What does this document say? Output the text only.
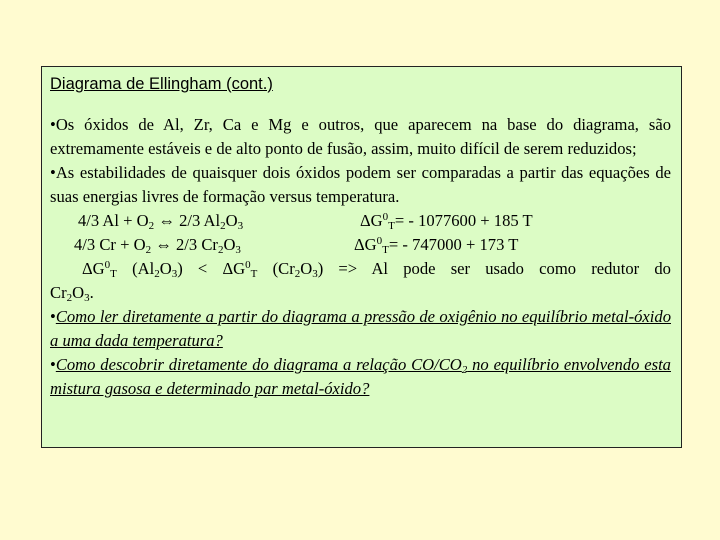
Diagrama de Ellingham (cont.)

•Os óxidos de Al, Zr, Ca e Mg e outros, que aparecem na base do diagrama, são extremamente estáveis e de alto ponto de fusão, assim, muito difícil de serem reduzidos;

•As estabilidades de quaisquer dois óxidos podem ser comparadas a partir das equações de suas energias livres de formação versus temperatura.

4/3 $Al + O_2$ ⇔ 2/3 $Al_2O_3$	$\Delta G^0_T= - 1077600 + 185$ T
4/3 $Cr + O_2$ ⇔ 2/3 $Cr_2O_3$	$\Delta G^0_T= - 747000 + 173$ T

$\Delta G^0_T$ $(Al_2O_3) < \Delta G^0_T$ $(Cr_2O_3) => Al$ pode ser usado como redutor do

$Cr_2O_3$.

•Como ler diretamente a partir do diagrama a pressão de oxigênio no equilíbrio metal-óxido a uma dada temperatura?

•Como descobrir diretamente do diagrama a relação $CO/CO_2$ no equilíbrio envolvendo esta mistura gasosa e determinado par metal-óxido?
